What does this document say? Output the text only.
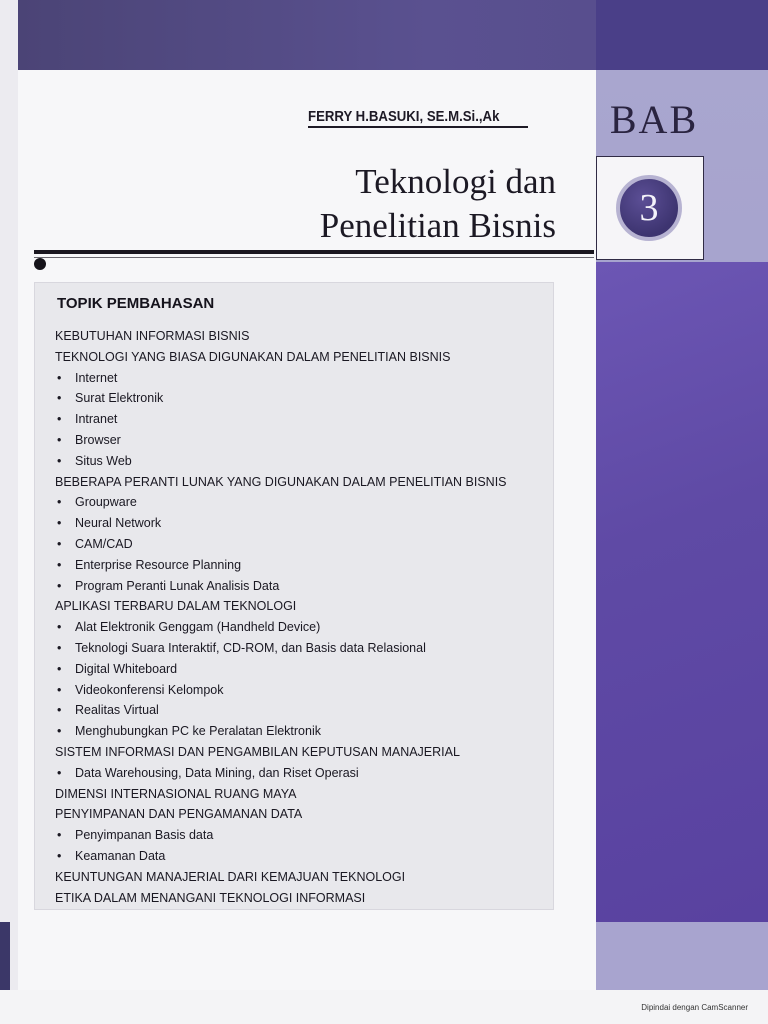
BAB
3
FERRY H.BASUKI, SE.M.Si.,Ak
Teknologi dan
Penelitian Bisnis
TOPIK PEMBAHASAN
KEBUTUHAN INFORMASI BISNIS
TEKNOLOGI YANG BIASA DIGUNAKAN DALAM PENELITIAN BISNIS
• Internet
• Surat Elektronik
• Intranet
• Browser
• Situs Web
BEBERAPA PERANTI LUNAK YANG DIGUNAKAN DALAM PENELITIAN BISNIS
• Groupware
• Neural Network
• CAM/CAD
• Enterprise Resource Planning
• Program Peranti Lunak Analisis Data
APLIKASI TERBARU DALAM TEKNOLOGI
• Alat Elektronik Genggam (Handheld Device)
• Teknologi Suara Interaktif, CD-ROM, dan Basis data Relasional
• Digital Whiteboard
• Videokonferensi Kelompok
• Realitas Virtual
• Menghubungkan PC ke Peralatan Elektronik
SISTEM INFORMASI DAN PENGAMBILAN KEPUTUSAN MANAJERIAL
• Data Warehousing, Data Mining, dan Riset Operasi
DIMENSI INTERNASIONAL RUANG MAYA
PENYIMPANAN DAN PENGAMANAN DATA
• Penyimpanan Basis data
• Keamanan Data
KEUNTUNGAN MANAJERIAL DARI KEMAJUAN TEKNOLOGI
ETIKA DALAM MENANGANI TEKNOLOGI INFORMASI
Dipindai dengan CamScanner
